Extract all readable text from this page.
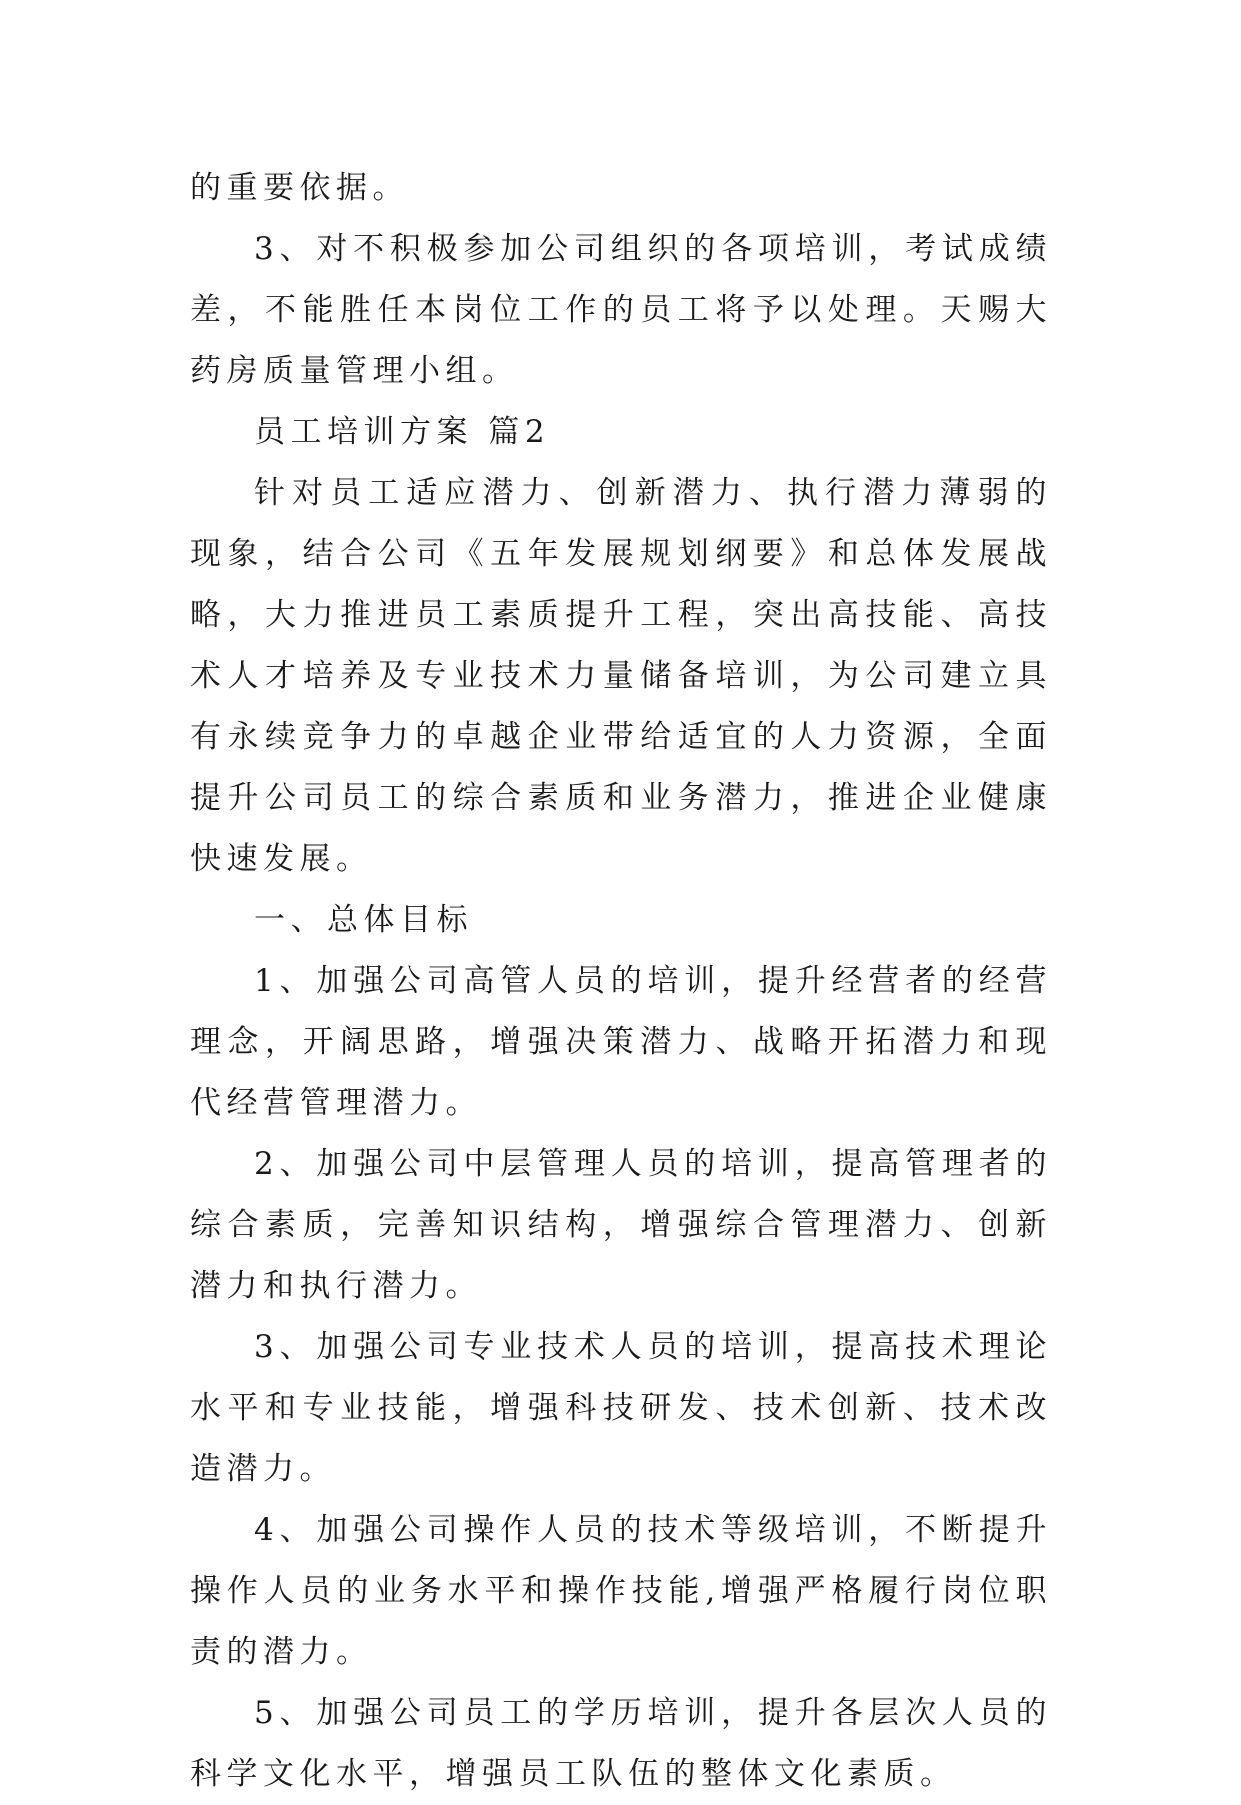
的重要依据。

3、对不积极参加公司组织的各项培训，考试成绩差，不能胜任本岗位工作的员工将予以处理。天赐大药房质量管理小组。

员工培训方案 篇2

针对员工适应潜力、创新潜力、执行潜力薄弱的现象，结合公司《五年发展规划纲要》和总体发展战略，大力推进员工素质提升工程，突出高技能、高技术人才培养及专业技术力量储备培训，为公司建立具有永续竞争力的卓越企业带给适宜的人力资源，全面提升公司员工的综合素质和业务潜力，推进企业健康快速发展。

一、总体目标

1、加强公司高管人员的培训，提升经营者的经营理念，开阔思路，增强决策潜力、战略开拓潜力和现代经营管理潜力。

2、加强公司中层管理人员的培训，提高管理者的综合素质，完善知识结构，增强综合管理潜力、创新潜力和执行潜力。

3、加强公司专业技术人员的培训，提高技术理论水平和专业技能，增强科技研发、技术创新、技术改造潜力。

4、加强公司操作人员的技术等级培训，不断提升操作人员的业务水平和操作技能,增强严格履行岗位职责的潜力。

5、加强公司员工的学历培训，提升各层次人员的科学文化水平，增强员工队伍的整体文化素质。
